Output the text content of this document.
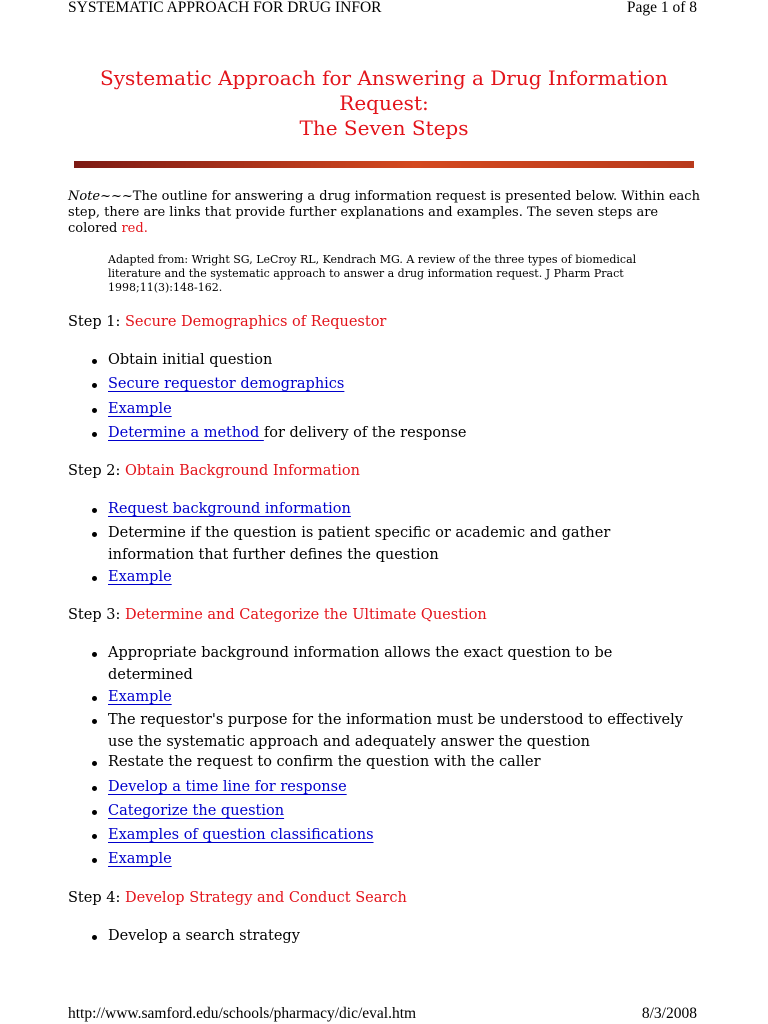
SYSTEMATIC APPROACH FOR DRUG INFOR	Page 1 of 8
Systematic Approach for Answering a Drug Information
Request:
The Seven Steps
Note~~~The outline for answering a drug information request is presented below. Within each
step, there are links that provide further explanations and examples. The seven steps are
colored red.
Adapted from: Wright SG, LeCroy RL, Kendrach MG. A review of the three types of biomedical
literature and the systematic approach to answer a drug information request. J Pharm Pract
1998;11(3):148-162.
Step 1: Secure Demographics of Requestor
Obtain initial question
Secure requestor demographics
Example
Determine a method for delivery of the response
Step 2: Obtain Background Information
Request background information
Determine if the question is patient specific or academic and gather
information that further defines the question
Example
Step 3: Determine and Categorize the Ultimate Question
Appropriate background information allows the exact question to be
determined
Example
The requestor's purpose for the information must be understood to effectively
use the systematic approach and adequately answer the question
Restate the request to confirm the question with the caller
Develop a time line for response
Categorize the question
Examples of question classifications
Example
Step 4: Develop Strategy and Conduct Search
Develop a search strategy
http://www.samford.edu/schools/pharmacy/dic/eval.htm	8/3/2008
